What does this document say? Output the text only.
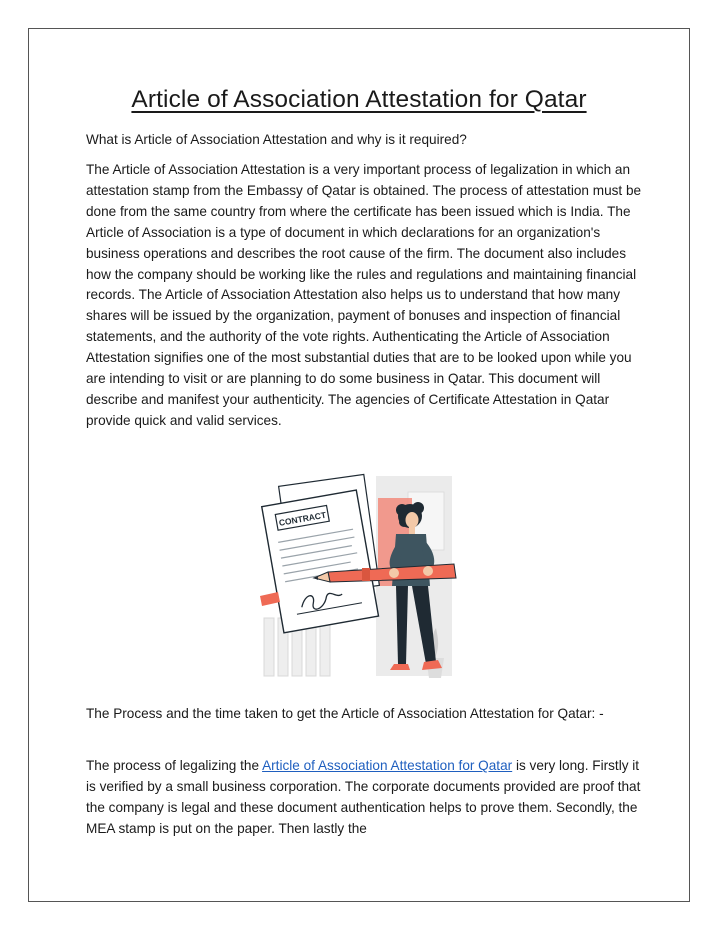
Article of Association Attestation for Qatar

What is Article of Association Attestation and why is it required?

The Article of Association Attestation is a very important process of legalization in which an attestation stamp from the Embassy of Qatar is obtained. The process of attestation must be done from the same country from where the certificate has been issued which is India. The Article of Association is a type of document in which declarations for an organization's business operations and describes the root cause of the firm. The document also includes how the company should be working like the rules and regulations and maintaining financial records. The Article of Association Attestation also helps us to understand that how many shares will be issued by the organization, payment of bonuses and inspection of financial statements, and the authority of the vote rights. Authenticating the Article of Association Attestation signifies one of the most substantial duties that are to be looked upon while you are intending to visit or are planning to do some business in Qatar. This document will describe and manifest your authenticity. The agencies of Certificate Attestation in Qatar provide quick and valid services.

CONTRACT

The Process and the time taken to get the Article of Association Attestation for Qatar: -

The process of legalizing the Article of Association Attestation for Qatar is very long. Firstly it is verified by a small business corporation. The corporate documents provided are proof that the company is legal and these document authentication helps to prove them. Secondly, the MEA stamp is put on the paper. Then lastly the
